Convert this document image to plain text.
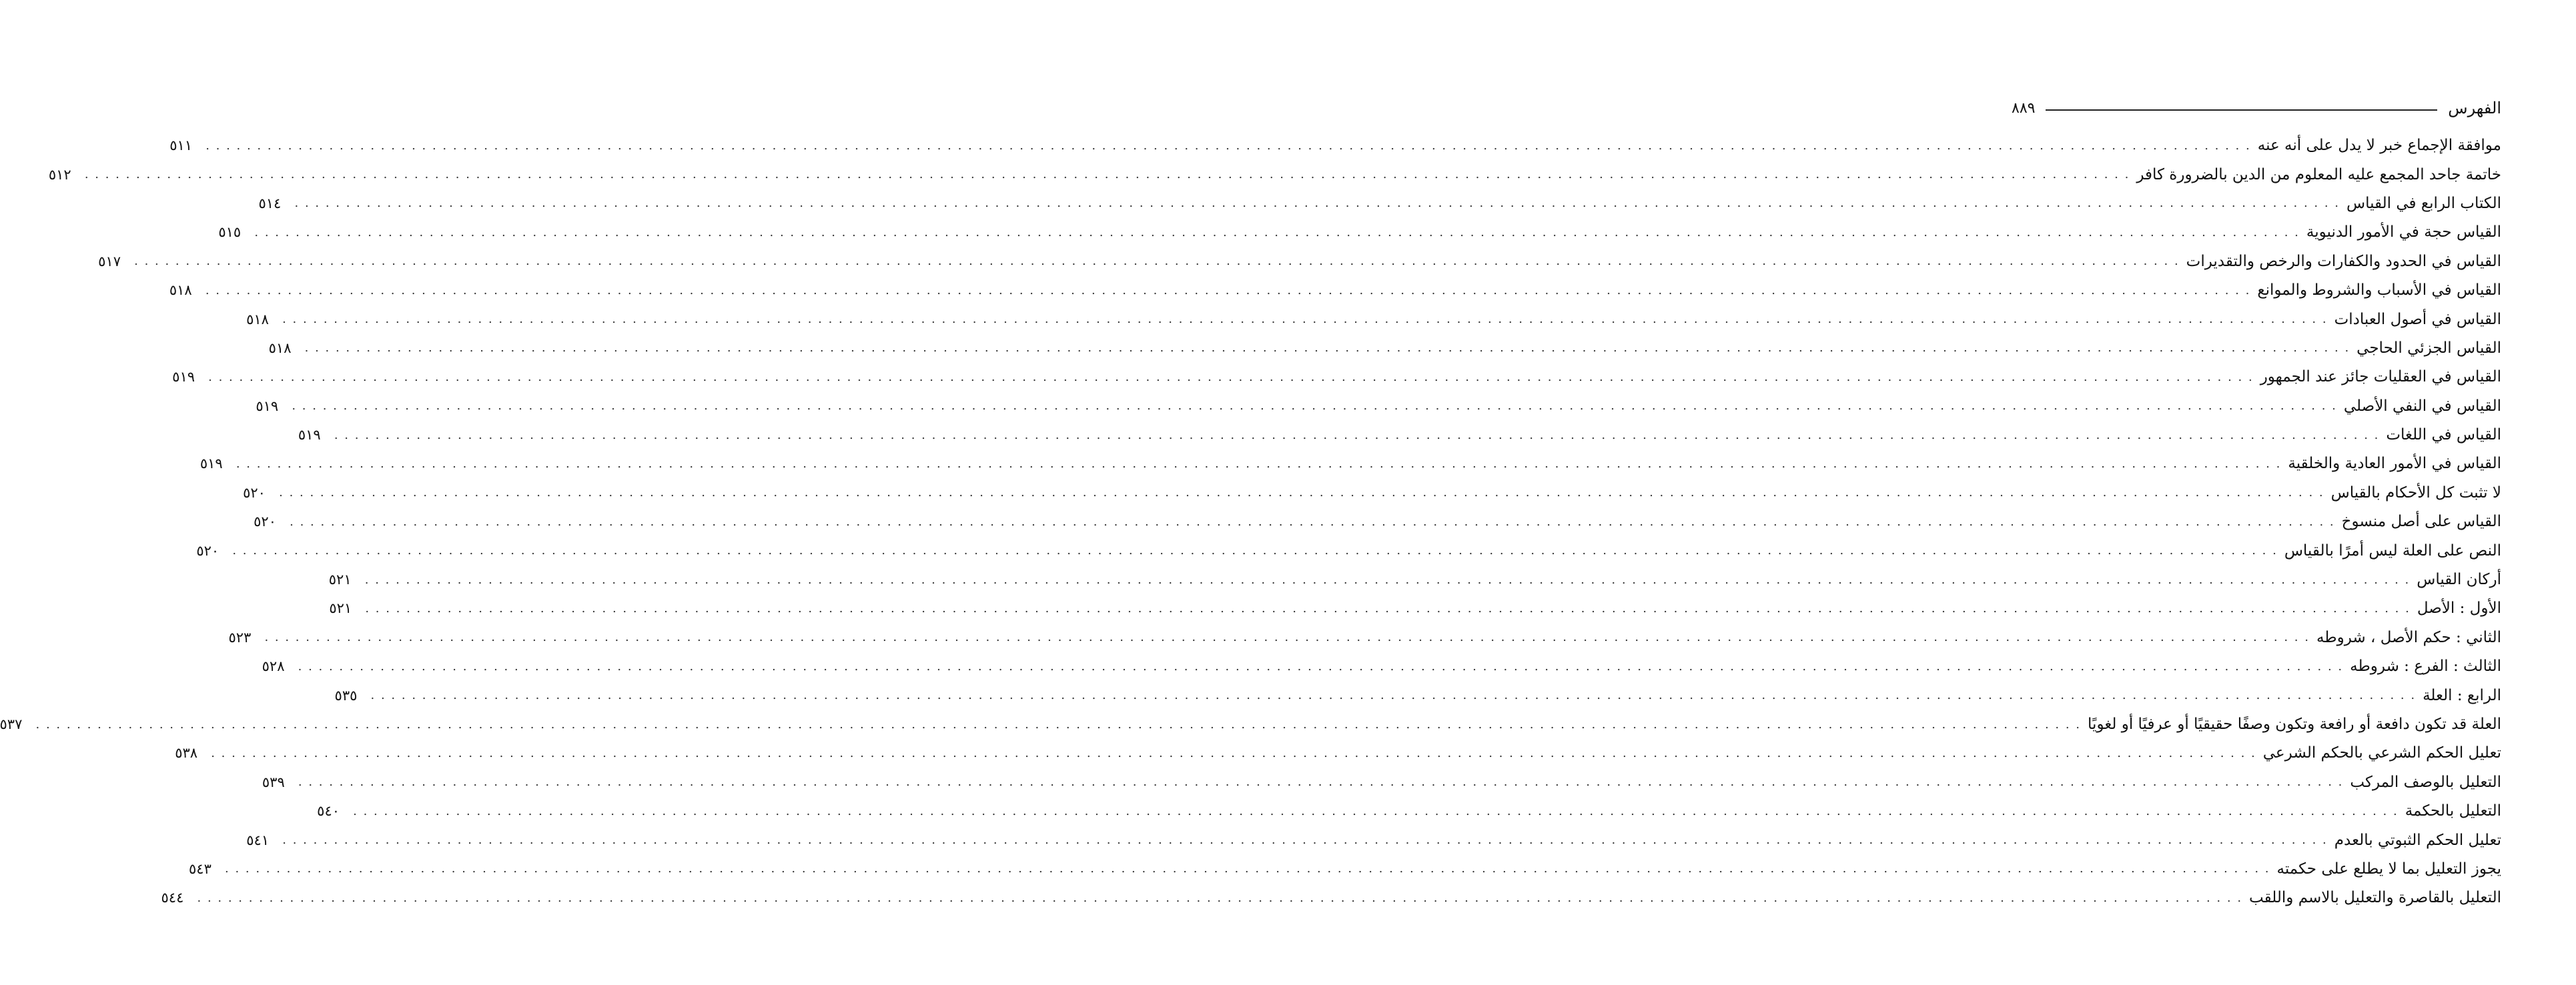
الفهرس
٨٨٩
موافقة الإجماع خبر لا يدل على أنه عنه
. . . . . . . . . . . . . . . . . . . . . . . . . . . . . . . . . . . . . . . . . . . . . . . . . . . . . . . . . . . . . . . . . . . . . . . . . . . . . . . . . . . . . . . . . . . . . . . . . . . . . . . . . . . . . . . . . . . . . . . . . . . . . . . . . . . . . . . . . . . . . . . . . . . . . . . . . . . . . . . . . . . . . . . . . . . . . . . . . . . . . . . . . . . . . . . . . . . . . . .
٥١١
خاتمة جاحد المجمع عليه المعلوم من الدين بالضرورة كافر
. . . . . . . . . . . . . . . . . . . . . . . . . . . . . . . . . . . . . . . . . . . . . . . . . . . . . . . . . . . . . . . . . . . . . . . . . . . . . . . . . . . . . . . . . . . . . . . . . . . . . . . . . . . . . . . . . . . . . . . . . . . . . . . . . . . . . . . . . . . . . . . . . . . . . . . . . . . . . . . . . . . . . . . . . . . . . . . . . . . . . . . . . . . . . . . . . . . . . . .
٥١٢
الكتاب الرابع في القياس
. . . . . . . . . . . . . . . . . . . . . . . . . . . . . . . . . . . . . . . . . . . . . . . . . . . . . . . . . . . . . . . . . . . . . . . . . . . . . . . . . . . . . . . . . . . . . . . . . . . . . . . . . . . . . . . . . . . . . . . . . . . . . . . . . . . . . . . . . . . . . . . . . . . . . . . . . . . . . . . . . . . . . . . . . . . . . . . . . . . . . . . . . . . . . . . . . . . . . . .
٥١٤
القياس حجة في الأمور الدنيوية
. . . . . . . . . . . . . . . . . . . . . . . . . . . . . . . . . . . . . . . . . . . . . . . . . . . . . . . . . . . . . . . . . . . . . . . . . . . . . . . . . . . . . . . . . . . . . . . . . . . . . . . . . . . . . . . . . . . . . . . . . . . . . . . . . . . . . . . . . . . . . . . . . . . . . . . . . . . . . . . . . . . . . . . . . . . . . . . . . . . . . . . . . . . . . . . . . . . . . . .
٥١٥
القياس في الحدود والكفارات والرخص والتقديرات
. . . . . . . . . . . . . . . . . . . . . . . . . . . . . . . . . . . . . . . . . . . . . . . . . . . . . . . . . . . . . . . . . . . . . . . . . . . . . . . . . . . . . . . . . . . . . . . . . . . . . . . . . . . . . . . . . . . . . . . . . . . . . . . . . . . . . . . . . . . . . . . . . . . . . . . . . . . . . . . . . . . . . . . . . . . . . . . . . . . . . . . . . . . . . . . . . . . . . . .
٥١٧
القياس في الأسباب والشروط والموانع
. . . . . . . . . . . . . . . . . . . . . . . . . . . . . . . . . . . . . . . . . . . . . . . . . . . . . . . . . . . . . . . . . . . . . . . . . . . . . . . . . . . . . . . . . . . . . . . . . . . . . . . . . . . . . . . . . . . . . . . . . . . . . . . . . . . . . . . . . . . . . . . . . . . . . . . . . . . . . . . . . . . . . . . . . . . . . . . . . . . . . . . . . . . . . . . . . . . . . . .
٥١٨
القياس في أصول العبادات
. . . . . . . . . . . . . . . . . . . . . . . . . . . . . . . . . . . . . . . . . . . . . . . . . . . . . . . . . . . . . . . . . . . . . . . . . . . . . . . . . . . . . . . . . . . . . . . . . . . . . . . . . . . . . . . . . . . . . . . . . . . . . . . . . . . . . . . . . . . . . . . . . . . . . . . . . . . . . . . . . . . . . . . . . . . . . . . . . . . . . . . . . . . . . . . . . . . . . . .
٥١٨
القياس الجزئي الحاجي
. . . . . . . . . . . . . . . . . . . . . . . . . . . . . . . . . . . . . . . . . . . . . . . . . . . . . . . . . . . . . . . . . . . . . . . . . . . . . . . . . . . . . . . . . . . . . . . . . . . . . . . . . . . . . . . . . . . . . . . . . . . . . . . . . . . . . . . . . . . . . . . . . . . . . . . . . . . . . . . . . . . . . . . . . . . . . . . . . . . . . . . . . . . . . . . . . . . . . . .
٥١٨
القياس في العقليات جائز عند الجمهور
. . . . . . . . . . . . . . . . . . . . . . . . . . . . . . . . . . . . . . . . . . . . . . . . . . . . . . . . . . . . . . . . . . . . . . . . . . . . . . . . . . . . . . . . . . . . . . . . . . . . . . . . . . . . . . . . . . . . . . . . . . . . . . . . . . . . . . . . . . . . . . . . . . . . . . . . . . . . . . . . . . . . . . . . . . . . . . . . . . . . . . . . . . . . . . . . . . . . . . .
٥١٩
القياس في النفي الأصلي
. . . . . . . . . . . . . . . . . . . . . . . . . . . . . . . . . . . . . . . . . . . . . . . . . . . . . . . . . . . . . . . . . . . . . . . . . . . . . . . . . . . . . . . . . . . . . . . . . . . . . . . . . . . . . . . . . . . . . . . . . . . . . . . . . . . . . . . . . . . . . . . . . . . . . . . . . . . . . . . . . . . . . . . . . . . . . . . . . . . . . . . . . . . . . . . . . . . . . . .
٥١٩
القياس في اللغات
. . . . . . . . . . . . . . . . . . . . . . . . . . . . . . . . . . . . . . . . . . . . . . . . . . . . . . . . . . . . . . . . . . . . . . . . . . . . . . . . . . . . . . . . . . . . . . . . . . . . . . . . . . . . . . . . . . . . . . . . . . . . . . . . . . . . . . . . . . . . . . . . . . . . . . . . . . . . . . . . . . . . . . . . . . . . . . . . . . . . . . . . . . . . . . . . . . . . . . .
٥١٩
القياس في الأمور العادية والخلقية
. . . . . . . . . . . . . . . . . . . . . . . . . . . . . . . . . . . . . . . . . . . . . . . . . . . . . . . . . . . . . . . . . . . . . . . . . . . . . . . . . . . . . . . . . . . . . . . . . . . . . . . . . . . . . . . . . . . . . . . . . . . . . . . . . . . . . . . . . . . . . . . . . . . . . . . . . . . . . . . . . . . . . . . . . . . . . . . . . . . . . . . . . . . . . . . . . . . . . . .
٥١٩
لا تثبت كل الأحكام بالقياس
. . . . . . . . . . . . . . . . . . . . . . . . . . . . . . . . . . . . . . . . . . . . . . . . . . . . . . . . . . . . . . . . . . . . . . . . . . . . . . . . . . . . . . . . . . . . . . . . . . . . . . . . . . . . . . . . . . . . . . . . . . . . . . . . . . . . . . . . . . . . . . . . . . . . . . . . . . . . . . . . . . . . . . . . . . . . . . . . . . . . . . . . . . . . . . . . . . . . . . .
٥٢٠
القياس على أصل منسوخ
. . . . . . . . . . . . . . . . . . . . . . . . . . . . . . . . . . . . . . . . . . . . . . . . . . . . . . . . . . . . . . . . . . . . . . . . . . . . . . . . . . . . . . . . . . . . . . . . . . . . . . . . . . . . . . . . . . . . . . . . . . . . . . . . . . . . . . . . . . . . . . . . . . . . . . . . . . . . . . . . . . . . . . . . . . . . . . . . . . . . . . . . . . . . . . . . . . . . . . .
٥٢٠
النص على العلة ليس أمرًا بالقياس
. . . . . . . . . . . . . . . . . . . . . . . . . . . . . . . . . . . . . . . . . . . . . . . . . . . . . . . . . . . . . . . . . . . . . . . . . . . . . . . . . . . . . . . . . . . . . . . . . . . . . . . . . . . . . . . . . . . . . . . . . . . . . . . . . . . . . . . . . . . . . . . . . . . . . . . . . . . . . . . . . . . . . . . . . . . . . . . . . . . . . . . . . . . . . . . . . . . . . . .
٥٢٠
أركان القياس
. . . . . . . . . . . . . . . . . . . . . . . . . . . . . . . . . . . . . . . . . . . . . . . . . . . . . . . . . . . . . . . . . . . . . . . . . . . . . . . . . . . . . . . . . . . . . . . . . . . . . . . . . . . . . . . . . . . . . . . . . . . . . . . . . . . . . . . . . . . . . . . . . . . . . . . . . . . . . . . . . . . . . . . . . . . . . . . . . . . . . . . . . . . . . . . . . . . . . . .
٥٢١
الأول : الأصل
. . . . . . . . . . . . . . . . . . . . . . . . . . . . . . . . . . . . . . . . . . . . . . . . . . . . . . . . . . . . . . . . . . . . . . . . . . . . . . . . . . . . . . . . . . . . . . . . . . . . . . . . . . . . . . . . . . . . . . . . . . . . . . . . . . . . . . . . . . . . . . . . . . . . . . . . . . . . . . . . . . . . . . . . . . . . . . . . . . . . . . . . . . . . . . . . . . . . . . .
٥٢١
الثاني : حكم الأصل ، شروطه
. . . . . . . . . . . . . . . . . . . . . . . . . . . . . . . . . . . . . . . . . . . . . . . . . . . . . . . . . . . . . . . . . . . . . . . . . . . . . . . . . . . . . . . . . . . . . . . . . . . . . . . . . . . . . . . . . . . . . . . . . . . . . . . . . . . . . . . . . . . . . . . . . . . . . . . . . . . . . . . . . . . . . . . . . . . . . . . . . . . . . . . . . . . . . . . . . . . . . . .
٥٢٣
الثالث : الفرع : شروطه
. . . . . . . . . . . . . . . . . . . . . . . . . . . . . . . . . . . . . . . . . . . . . . . . . . . . . . . . . . . . . . . . . . . . . . . . . . . . . . . . . . . . . . . . . . . . . . . . . . . . . . . . . . . . . . . . . . . . . . . . . . . . . . . . . . . . . . . . . . . . . . . . . . . . . . . . . . . . . . . . . . . . . . . . . . . . . . . . . . . . . . . . . . . . . . . . . . . . . . .
٥٢٨
الرابع : العلة
. . . . . . . . . . . . . . . . . . . . . . . . . . . . . . . . . . . . . . . . . . . . . . . . . . . . . . . . . . . . . . . . . . . . . . . . . . . . . . . . . . . . . . . . . . . . . . . . . . . . . . . . . . . . . . . . . . . . . . . . . . . . . . . . . . . . . . . . . . . . . . . . . . . . . . . . . . . . . . . . . . . . . . . . . . . . . . . . . . . . . . . . . . . . . . . . . . . . . . .
٥٣٥
العلة قد تكون دافعة أو رافعة وتكون وصفًا حقيقيًا أو عرفيًا أو لغويًا
. . . . . . . . . . . . . . . . . . . . . . . . . . . . . . . . . . . . . . . . . . . . . . . . . . . . . . . . . . . . . . . . . . . . . . . . . . . . . . . . . . . . . . . . . . . . . . . . . . . . . . . . . . . . . . . . . . . . . . . . . . . . . . . . . . . . . . . . . . . . . . . . . . . . . . . . . . . . . . . . . . . . . . . . . . . . . . . . . . . . . . . . . . . . . . . . . . . . . . .
٥٣٧
تعليل الحكم الشرعي بالحكم الشرعي
. . . . . . . . . . . . . . . . . . . . . . . . . . . . . . . . . . . . . . . . . . . . . . . . . . . . . . . . . . . . . . . . . . . . . . . . . . . . . . . . . . . . . . . . . . . . . . . . . . . . . . . . . . . . . . . . . . . . . . . . . . . . . . . . . . . . . . . . . . . . . . . . . . . . . . . . . . . . . . . . . . . . . . . . . . . . . . . . . . . . . . . . . . . . . . . . . . . . . . .
٥٣٨
التعليل بالوصف المركب
. . . . . . . . . . . . . . . . . . . . . . . . . . . . . . . . . . . . . . . . . . . . . . . . . . . . . . . . . . . . . . . . . . . . . . . . . . . . . . . . . . . . . . . . . . . . . . . . . . . . . . . . . . . . . . . . . . . . . . . . . . . . . . . . . . . . . . . . . . . . . . . . . . . . . . . . . . . . . . . . . . . . . . . . . . . . . . . . . . . . . . . . . . . . . . . . . . . . . . .
٥٣٩
التعليل بالحكمة
. . . . . . . . . . . . . . . . . . . . . . . . . . . . . . . . . . . . . . . . . . . . . . . . . . . . . . . . . . . . . . . . . . . . . . . . . . . . . . . . . . . . . . . . . . . . . . . . . . . . . . . . . . . . . . . . . . . . . . . . . . . . . . . . . . . . . . . . . . . . . . . . . . . . . . . . . . . . . . . . . . . . . . . . . . . . . . . . . . . . . . . . . . . . . . . . . . . . . . .
٥٤٠
تعليل الحكم الثبوتي بالعدم
. . . . . . . . . . . . . . . . . . . . . . . . . . . . . . . . . . . . . . . . . . . . . . . . . . . . . . . . . . . . . . . . . . . . . . . . . . . . . . . . . . . . . . . . . . . . . . . . . . . . . . . . . . . . . . . . . . . . . . . . . . . . . . . . . . . . . . . . . . . . . . . . . . . . . . . . . . . . . . . . . . . . . . . . . . . . . . . . . . . . . . . . . . . . . . . . . . . . . . .
٥٤١
يجوز التعليل بما لا يطلع على حكمته
. . . . . . . . . . . . . . . . . . . . . . . . . . . . . . . . . . . . . . . . . . . . . . . . . . . . . . . . . . . . . . . . . . . . . . . . . . . . . . . . . . . . . . . . . . . . . . . . . . . . . . . . . . . . . . . . . . . . . . . . . . . . . . . . . . . . . . . . . . . . . . . . . . . . . . . . . . . . . . . . . . . . . . . . . . . . . . . . . . . . . . . . . . . . . . . . . . . . . . .
٥٤٣
التعليل بالقاصرة والتعليل بالاسم واللقب
. . . . . . . . . . . . . . . . . . . . . . . . . . . . . . . . . . . . . . . . . . . . . . . . . . . . . . . . . . . . . . . . . . . . . . . . . . . . . . . . . . . . . . . . . . . . . . . . . . . . . . . . . . . . . . . . . . . . . . . . . . . . . . . . . . . . . . . . . . . . . . . . . . . . . . . . . . . . . . . . . . . . . . . . . . . . . . . . . . . . . . . . . . . . . . . . . . . . . . .
٥٤٤
